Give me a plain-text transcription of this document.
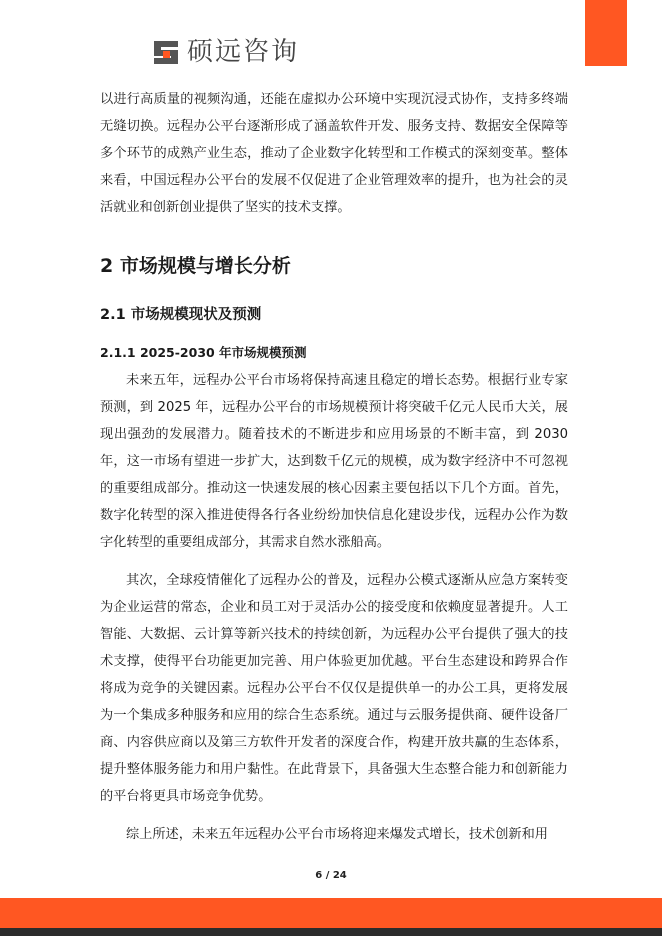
硕远咨询

以进行高质量的视频沟通，还能在虚拟办公环境中实现沉浸式协作，支持多终端无缝切换。远程办公平台逐渐形成了涵盖软件开发、服务支持、数据安全保障等多个环节的成熟产业生态，推动了企业数字化转型和工作模式的深刻变革。整体来看，中国远程办公平台的发展不仅促进了企业管理效率的提升，也为社会的灵活就业和创新创业提供了坚实的技术支撑。

2 市场规模与增长分析
2.1 市场规模现状及预测
2.1.1 2025-2030 年市场规模预测

未来五年，远程办公平台市场将保持高速且稳定的增长态势。根据行业专家预测，到 2025 年，远程办公平台的市场规模预计将突破千亿元人民币大关，展现出强劲的发展潜力。随着技术的不断进步和应用场景的不断丰富，到 2030 年，这一市场有望进一步扩大，达到数千亿元的规模，成为数字经济中不可忽视的重要组成部分。推动这一快速发展的核心因素主要包括以下几个方面。首先，数字化转型的深入推进使得各行各业纷纷加快信息化建设步伐，远程办公作为数字化转型的重要组成部分，其需求自然水涨船高。

其次，全球疫情催化了远程办公的普及，远程办公模式逐渐从应急方案转变为企业运营的常态，企业和员工对于灵活办公的接受度和依赖度显著提升。人工智能、大数据、云计算等新兴技术的持续创新，为远程办公平台提供了强大的技术支撑，使得平台功能更加完善、用户体验更加优越。平台生态建设和跨界合作将成为竞争的关键因素。远程办公平台不仅仅是提供单一的办公工具，更将发展为一个集成多种服务和应用的综合生态系统。通过与云服务提供商、硬件设备厂商、内容供应商以及第三方软件开发者的深度合作，构建开放共赢的生态体系，提升整体服务能力和用户黏性。在此背景下，具备强大生态整合能力和创新能力的平台将更具市场竞争优势。

综上所述，未来五年远程办公平台市场将迎来爆发式增长，技术创新和用

6 / 24
